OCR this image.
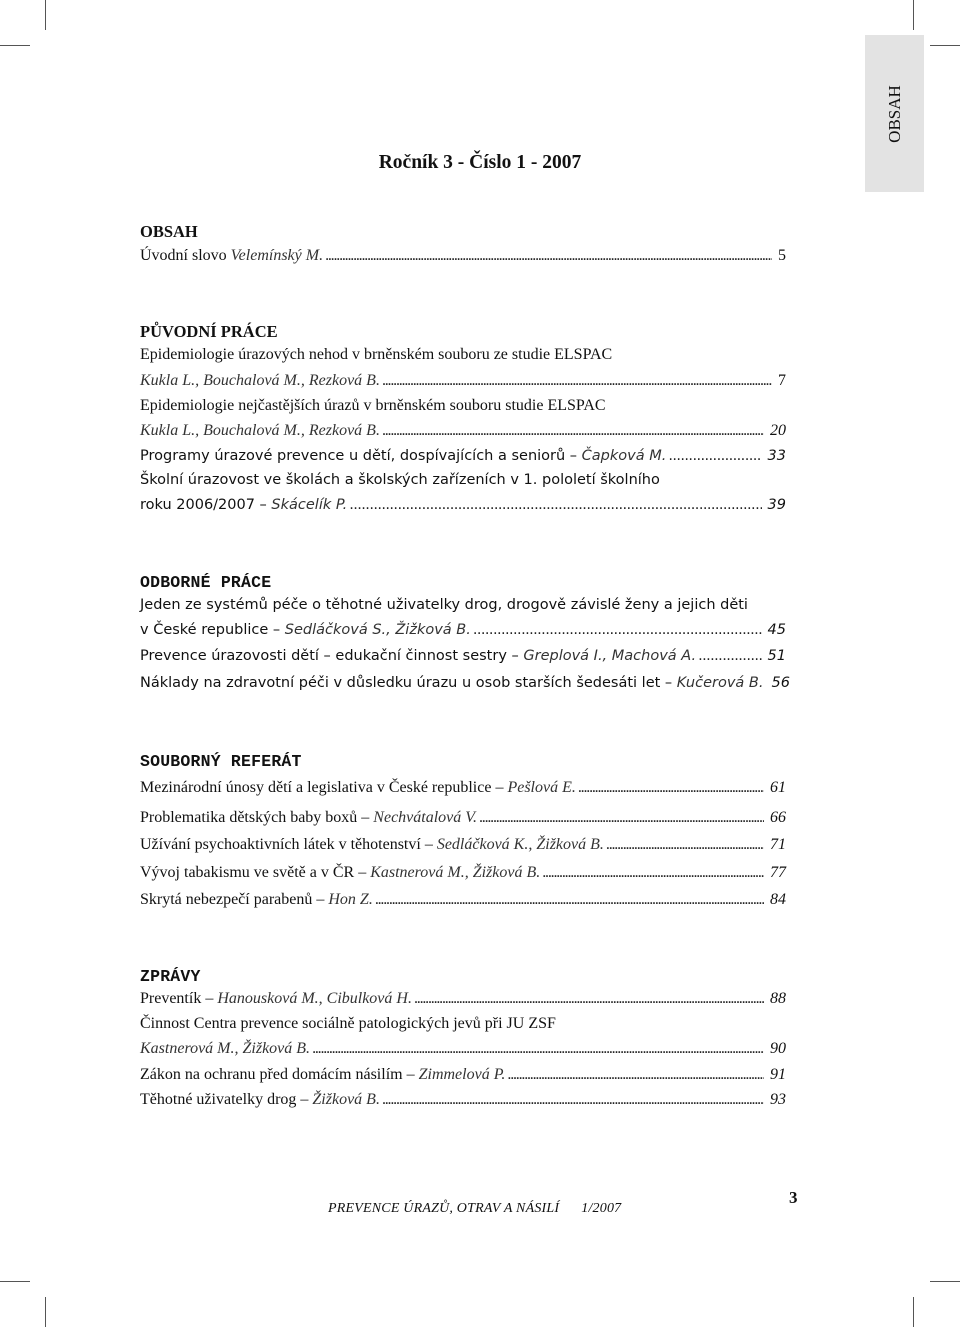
OBSAH
Ročník 3 - Číslo 1 - 2007
OBSAH
Úvodní slovo
Velemínský M. . . .	5
PŮVODNÍ PRÁCE
Epidemiologie úrazových nehod v brněnském souboru ze studie ELSPAC
Kukla L., Bouchalová M., Rezková B. . . .	7
Epidemiologie nejčastějších úrazů v brněnském souboru studie ELSPAC
Kukla L., Bouchalová M., Rezková B. . . .	20
Programy úrazové prevence u dětí, dospívajících a seniorů –
Čapková M. . . .	33
Školní úrazovost ve školách a školských zařízeních v 1. pololetí školního
roku 2006/2007 –
Skácelík P. . . .	39
ODBORNÉ PRÁCE
Jeden ze systémů péče o těhotné uživatelky drog, drogově závislé ženy a jejich děti
v České republice –
Sedláčková S., Žižková B. . . .	45
Prevence úrazovosti dětí – edukační činnost sestry –
Greplová I., Machová A. . . .	51
Náklady na zdravotní péči v důsledku úrazu u osob starších šedesáti let –
Kučerová B. 56
SOUBORNÝ REFERÁT
Mezinárodní únosy dětí a legislativa v České republice –
Pešlová E. . . .	61
Problematika dětských baby boxů –
Nechvátalová V. . . .	66
Užívání psychoaktivních látek v těhotenství –
Sedláčková K., Žižková B. . . .	71
Vývoj tabakismu ve světě a v ČR –
Kastnerová M., Žižková B. . . .	77
Skrytá nebezpečí parabenů –
Hon Z. . . .	84
ZPRÁVY
Preventík –
Hanousková M., Cibulková H. . . .	88
Činnost Centra prevence sociálně patologických jevů při JU ZSF
Kastnerová M., Žižková B. . . .	90
Zákon na ochranu před domácím násilím –
Zimmelová P. . . .	91
Těhotné uživatelky drog –
Žižková B. . . .	93
3
PREVENCE ÚRAZŮ, OTRAV A NÁSILÍ 1/2007
